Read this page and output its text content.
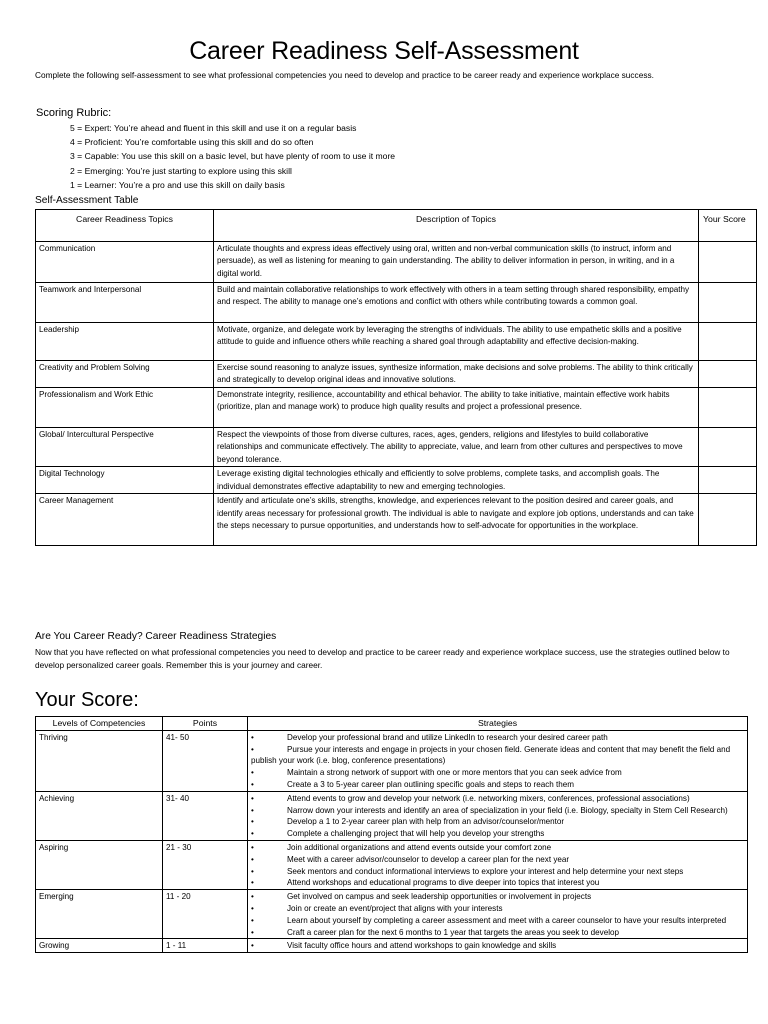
Career Readiness Self-Assessment
Complete the following self-assessment to see what professional competencies you need to develop and practice to be career ready and experience workplace success.
Scoring Rubric:
5 = Expert: You’re ahead and fluent in this skill and use it on a regular basis
4 = Proficient: You’re comfortable using this skill and do so often
3 = Capable: You use this skill on a basic level, but have plenty of room to use it more
2 = Emerging: You’re just starting to explore using this skill
1 = Learner: You’re a pro and use this skill on daily basis
Self-Assessment Table
Career Readiness Topics	Description of Topics	Your Score
Communication	Articulate thoughts and express ideas effectively using oral, written and non-verbal communication skills (to instruct, inform and persuade), as well as listening for meaning to gain understanding. The ability to deliver information in person, in writing, and in a digital world.	
Teamwork and Interpersonal	Build and maintain collaborative relationships to work effectively with others in a team setting through shared responsibility, empathy and respect. The ability to manage one’s emotions and conflict with others while contributing towards a common goal.	
Leadership	Motivate, organize, and delegate work by leveraging the strengths of individuals. The ability to use empathetic skills and a positive attitude to guide and influence others while reaching a shared goal through adaptability and effective decision-making.	
Creativity and Problem Solving	Exercise sound reasoning to analyze issues, synthesize information, make decisions and solve problems. The ability to think critically and strategically to develop original ideas and innovative solutions.	
Professionalism and Work Ethic	Demonstrate integrity, resilience, accountability and ethical behavior. The ability to take initiative, maintain effective work habits (prioritize, plan and manage work) to produce high quality results and project a professional presence.	
Global/ Intercultural Perspective	Respect the viewpoints of those from diverse cultures, races, ages, genders, religions and lifestyles to build collaborative relationships and communicate effectively. The ability to appreciate, value, and learn from other cultures and perspectives to move beyond tolerance.	
Digital Technology	Leverage existing digital technologies ethically and efficiently to solve problems, complete tasks, and accomplish goals. The individual demonstrates effective adaptability to new and emerging technologies.	
Career Management	Identify and articulate one’s skills, strengths, knowledge, and experiences relevant to the position desired and career goals, and identify areas necessary for professional growth. The individual is able to navigate and explore job options, understands and can take the steps necessary to pursue opportunities, and understands how to self-advocate for opportunities in the workplace.	
Are You Career Ready? Career Readiness Strategies
Now that you have reflected on what professional competencies you need to develop and practice to be career ready and experience workplace success, use the strategies outlined below to develop personalized career goals. Remember this is your journey and career.
Your Score:
Levels of Competencies	Points	Strategies
Thriving	41- 50	• Develop your professional brand and utilize LinkedIn to research your desired career path
• Pursue your interests and engage in projects in your chosen field. Generate ideas and content that may benefit the field and publish your work (i.e. blog, conference presentations)
• Maintain a strong network of support with one or more mentors that you can seek advice from
• Create a 3 to 5-year career plan outlining specific goals and steps to reach them

Achieving	31- 40	• Attend events to grow and develop your network (i.e. networking mixers, conferences, professional associations)
• Narrow down your interests and identify an area of specialization in your field (i.e. Biology, specialty in Stem Cell Research)
• Develop a 1 to 2-year career plan with help from an advisor/counselor/mentor
• Complete a challenging project that will help you develop your strengths

Aspiring	21 - 30	• Join additional organizations and attend events outside your comfort zone
• Meet with a career advisor/counselor to develop a career plan for the next year
• Seek mentors and conduct informational interviews to explore your interest and help determine your next steps
• Attend workshops and educational programs to dive deeper into topics that interest you

Emerging	11 - 20	• Get involved on campus and seek leadership opportunities or involvement in projects
• Join or create an event/project that aligns with your interests
• Learn about yourself by completing a career assessment and meet with a career counselor to have your results interpreted
• Craft a career plan for the next 6 months to 1 year that targets the areas you seek to develop

Growing	1 - 11	• Visit faculty office hours and attend workshops to gain knowledge and skills
